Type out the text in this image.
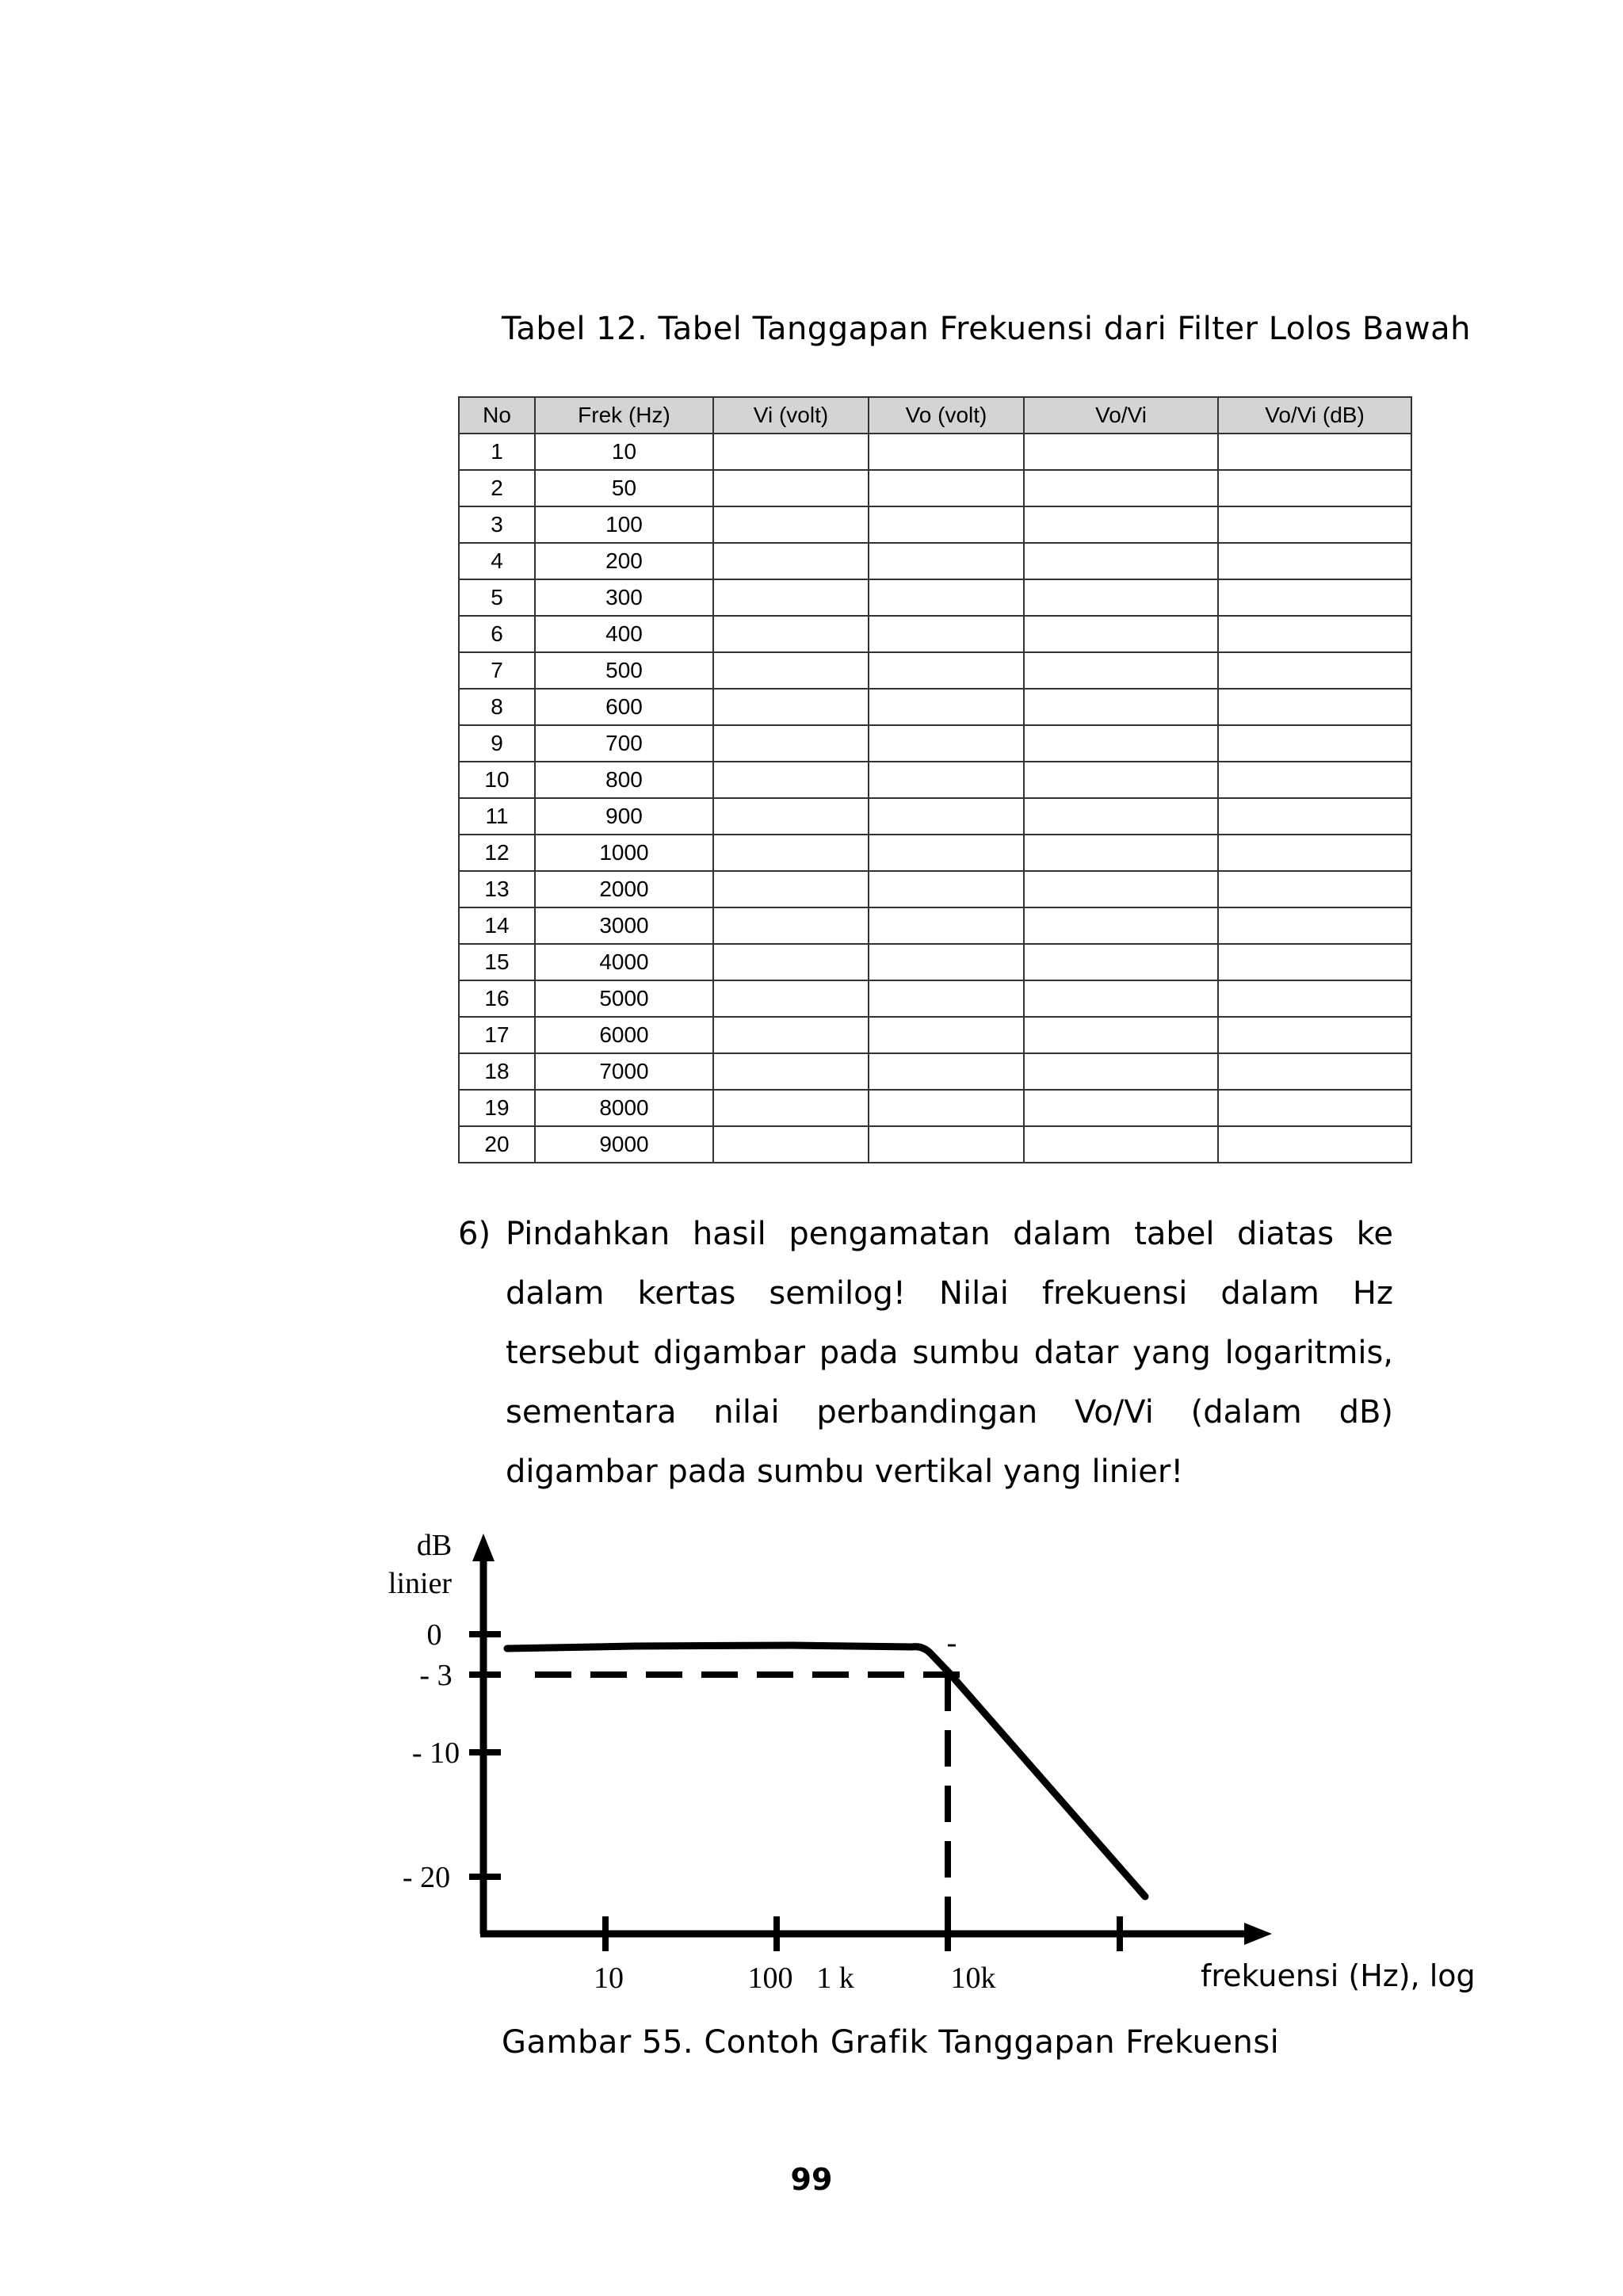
Tabel 12. Tabel Tanggapan Frekuensi dari Filter Lolos Bawah
No	Frek (Hz)	Vi (volt)	Vo (volt)	Vo/Vi	Vo/Vi (dB)
1	10				
2	50				
3	100				
4	200				
5	300				
6	400				
7	500				
8	600				
9	700				
10	800				
11	900				
12	1000				
13	2000				
14	3000				
15	4000				
16	5000				
17	6000				
18	7000				
19	8000				
20	9000				
6) Pindahkan hasil pengamatan dalam tabel diatas ke dalam kertas semilog! Nilai frekuensi dalam Hz tersebut digambar pada sumbu datar yang logaritmis, sementara nilai perbandingan Vo/Vi (dalam dB) digambar pada sumbu vertikal yang linier!
dB
linier
0
- 3
- 10
- 20
10	100 1 k	10k	frekuensi (Hz), log
-
Gambar 55. Contoh Grafik Tanggapan Frekuensi
99
